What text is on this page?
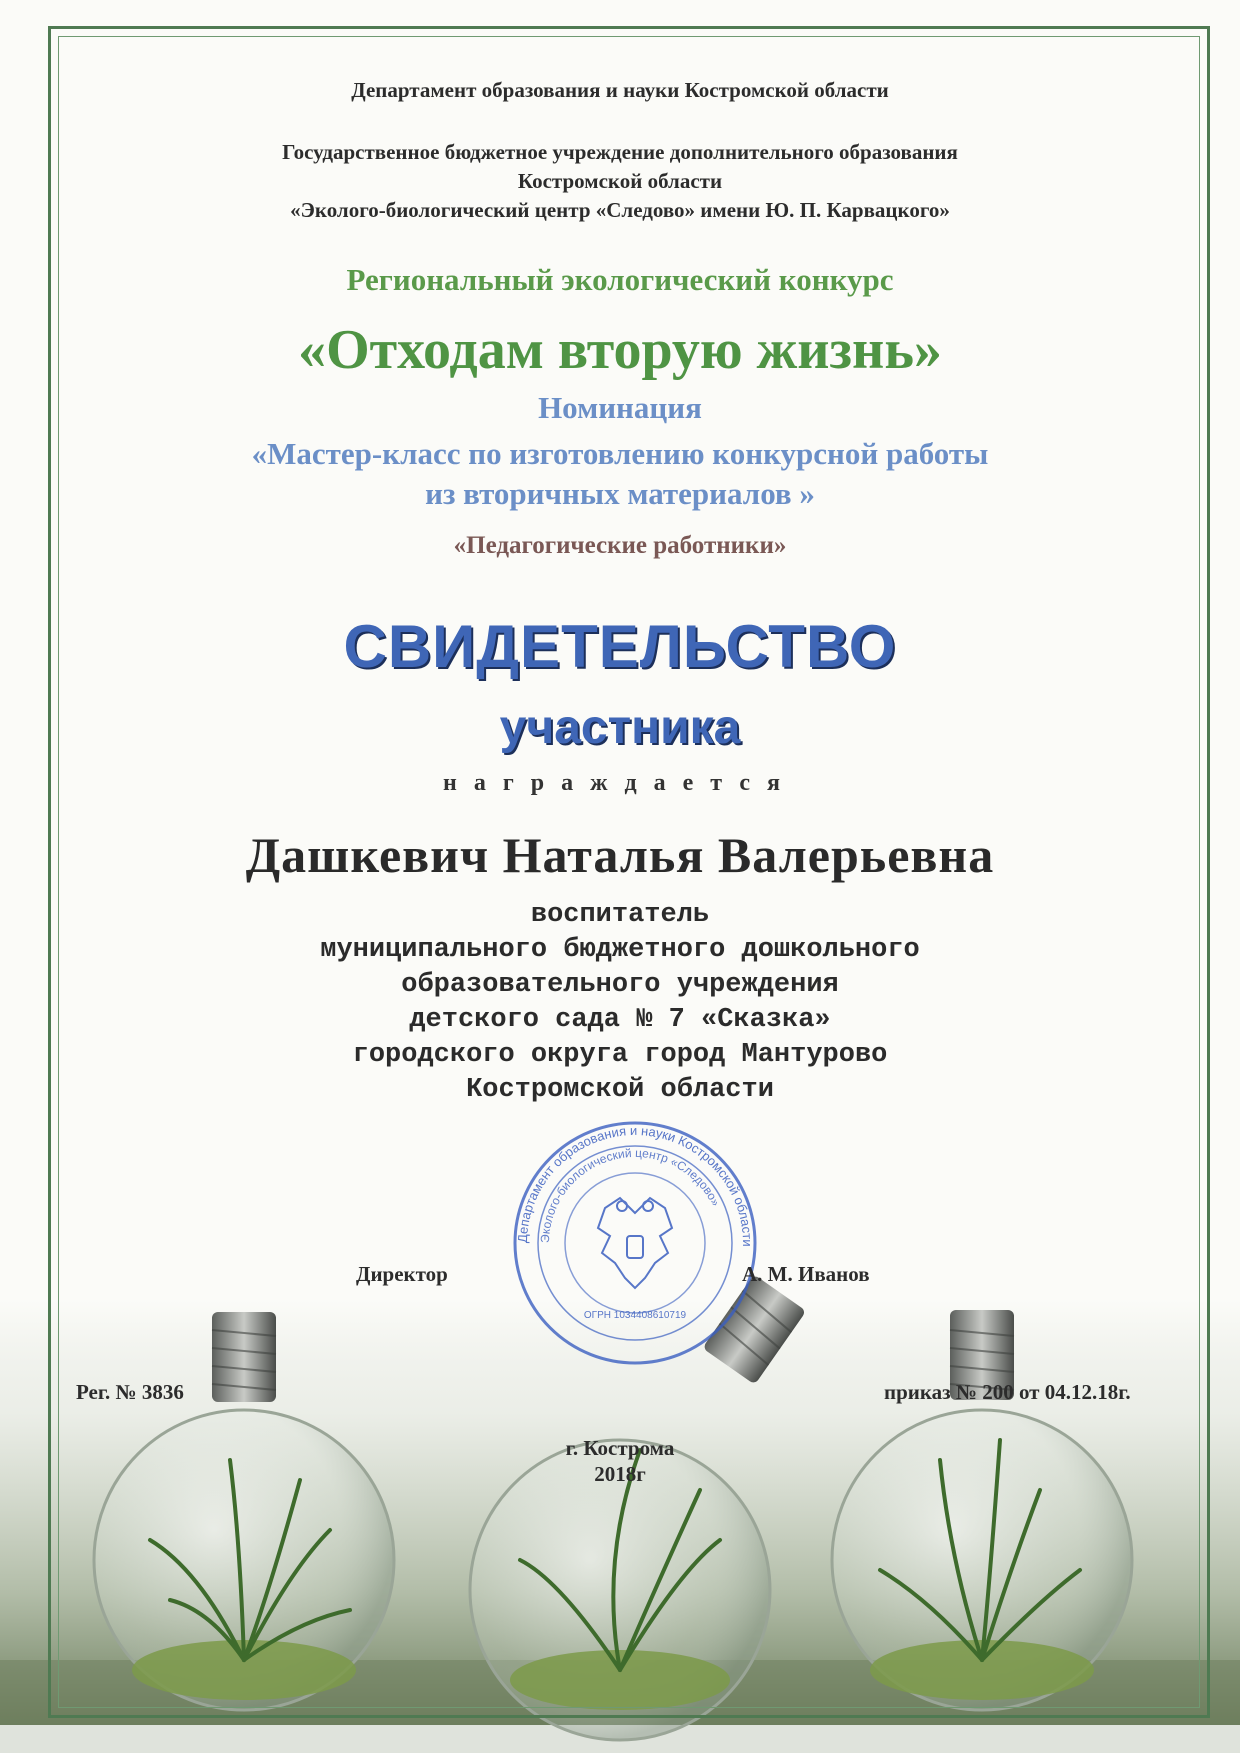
Департамент образования и науки Костромской области
Государственное бюджетное учреждение дополнительного образования
Костромской области
«Эколого-биологический центр «Следово» имени Ю. П. Карвацкого»
Региональный экологический конкурс
«Отходам вторую жизнь»
Номинация
«Мастер-класс по изготовлению конкурсной работы
из вторичных материалов »
«Педагогические работники»
СВИДЕТЕЛЬСТВО
участника
награждается
Дашкевич Наталья Валерьевна
воспитатель
муниципального бюджетного дошкольного
образовательного учреждения
детского сада № 7 «Сказка»
городского округа город Мантурово
Костромской области
Департамент образования и науки Костромской области
Эколого-биологический центр «Следово»
ОГРН 1034408610719
Директор	А. М. Иванов
Рег. № 3836	приказ № 200 от 04.12.18г.
г. Кострома
2018г
